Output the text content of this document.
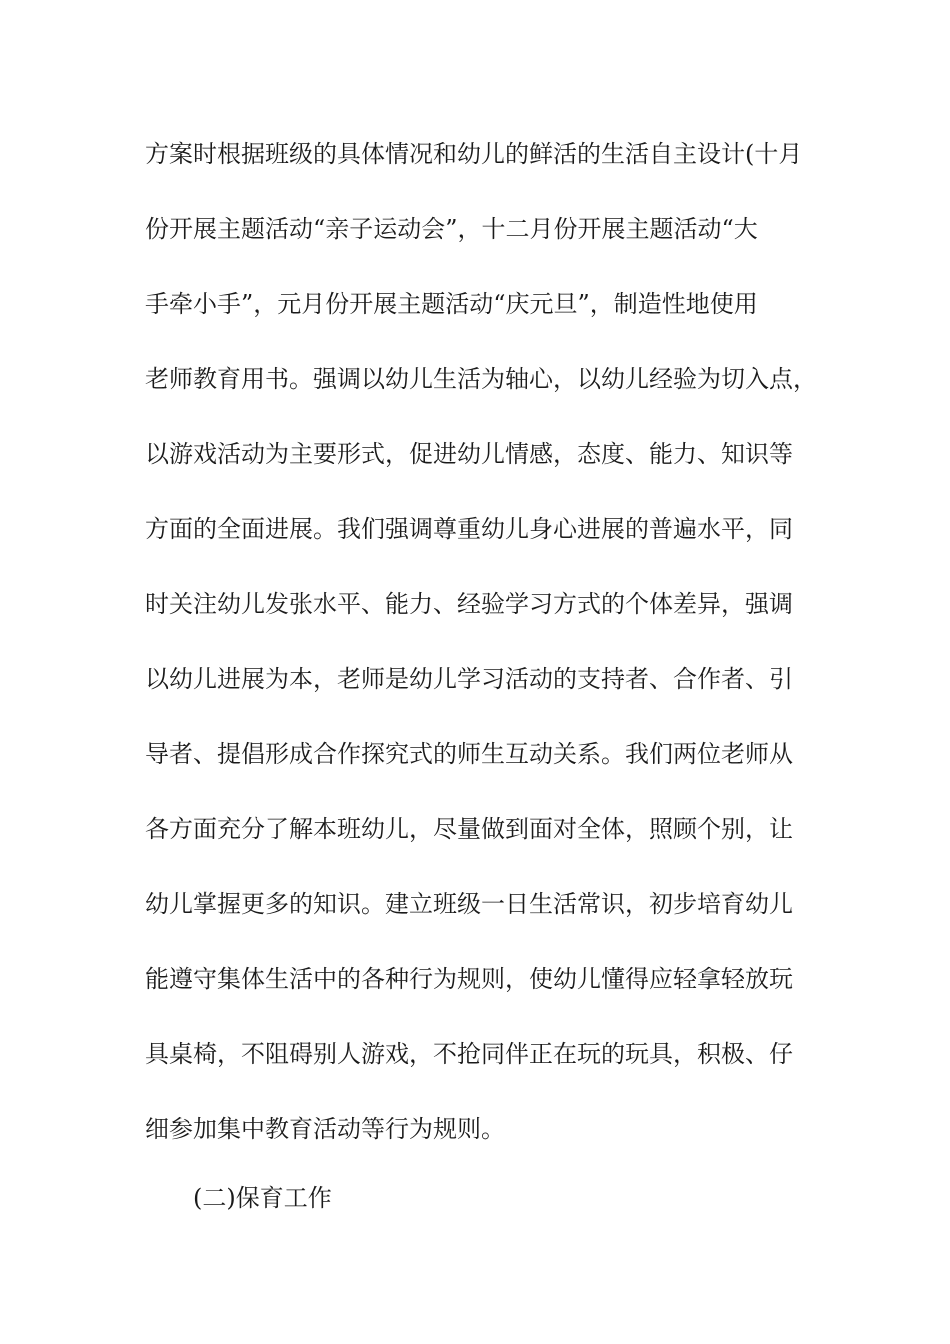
方案时根据班级的具体情况和幼儿的鲜活的生活自主设计(十月
份开展主题活动“亲子运动会”，十二月份开展主题活动“大
手牵小手”，元月份开展主题活动“庆元旦”，制造性地使用
老师教育用书。强调以幼儿生活为轴心，以幼儿经验为切入点，
以游戏活动为主要形式，促进幼儿情感，态度、能力、知识等
方面的全面进展。我们强调尊重幼儿身心进展的普遍水平，同
时关注幼儿发张水平、能力、经验学习方式的个体差异，强调
以幼儿进展为本，老师是幼儿学习活动的支持者、合作者、引
导者、提倡形成合作探究式的师生互动关系。我们两位老师从
各方面充分了解本班幼儿，尽量做到面对全体，照顾个别，让
幼儿掌握更多的知识。建立班级一日生活常识，初步培育幼儿
能遵守集体生活中的各种行为规则，使幼儿懂得应轻拿轻放玩
具桌椅，不阻碍别人游戏，不抢同伴正在玩的玩具，积极、仔
细参加集中教育活动等行为规则。
(二)保育工作
